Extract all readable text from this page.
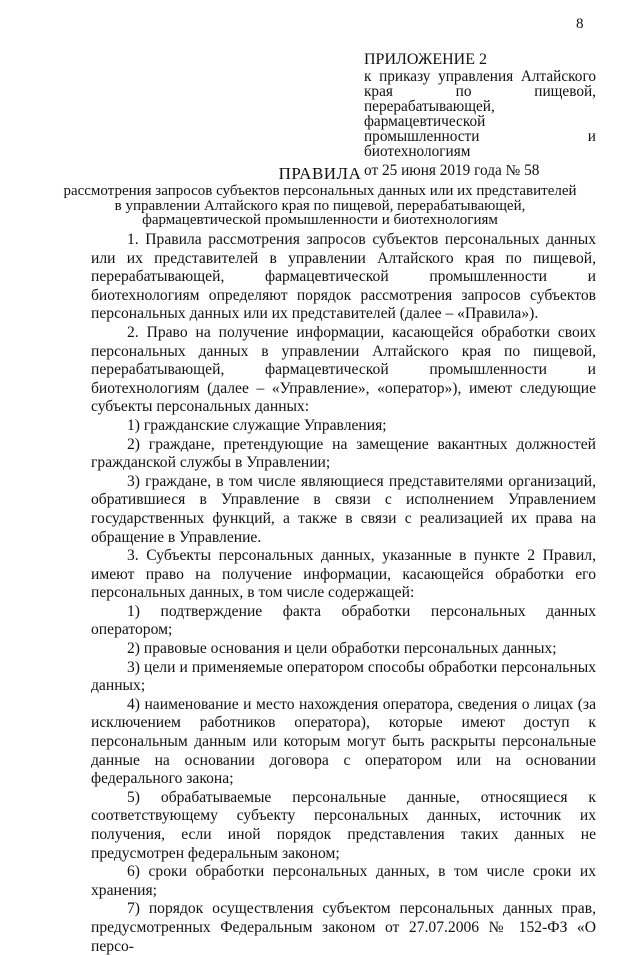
8
ПРИЛОЖЕНИЕ 2
к приказу управления Алтайского края по пищевой, перерабатывающей, фармацевтической промышленности и биотехнологиям
от 25 июня 2019 года № 58
ПРАВИЛА
рассмотрения запросов субъектов персональных данных или их представителей в управлении Алтайского края по пищевой, перерабатывающей, фармацевтической промышленности и биотехнологиям

1. Правила рассмотрения запросов субъектов персональных данных или их представителей в управлении Алтайского края по пищевой, перерабатывающей, фармацевтической промышленности и биотехнологиям определяют порядок рассмотрения запросов субъектов персональных данных или их представителей (далее – «Правила»).

2. Право на получение информации, касающейся обработки своих персональных данных в управлении Алтайского края по пищевой, перерабатывающей, фармацевтической промышленности и биотехнологиям (далее – «Управление», «оператор»), имеют следующие субъекты персональных данных:

1) гражданские служащие Управления;

2) граждане, претендующие на замещение вакантных должностей гражданской службы в Управлении;

3) граждане, в том числе являющиеся представителями организаций, обратившиеся в Управление в связи с исполнением Управлением государственных функций, а также в связи с реализацией их права на обращение в Управление.

3. Субъекты персональных данных, указанные в пункте 2 Правил, имеют право на получение информации, касающейся обработки его персональных данных, в том числе содержащей:

1) подтверждение факта обработки персональных данных оператором;

2) правовые основания и цели обработки персональных данных;

3) цели и применяемые оператором способы обработки персональных данных;

4) наименование и место нахождения оператора, сведения о лицах (за исключением работников оператора), которые имеют доступ к персональным данным или которым могут быть раскрыты персональные данные на основании договора с оператором или на основании федерального закона;

5) обрабатываемые персональные данные, относящиеся к соответствующему субъекту персональных данных, источник их получения, если иной порядок представления таких данных не предусмотрен федеральным законом;

6) сроки обработки персональных данных, в том числе сроки их хранения;

7) порядок осуществления субъектом персональных данных прав, предусмотренных Федеральным законом от 27.07.2006 № 152-ФЗ «О персо-
